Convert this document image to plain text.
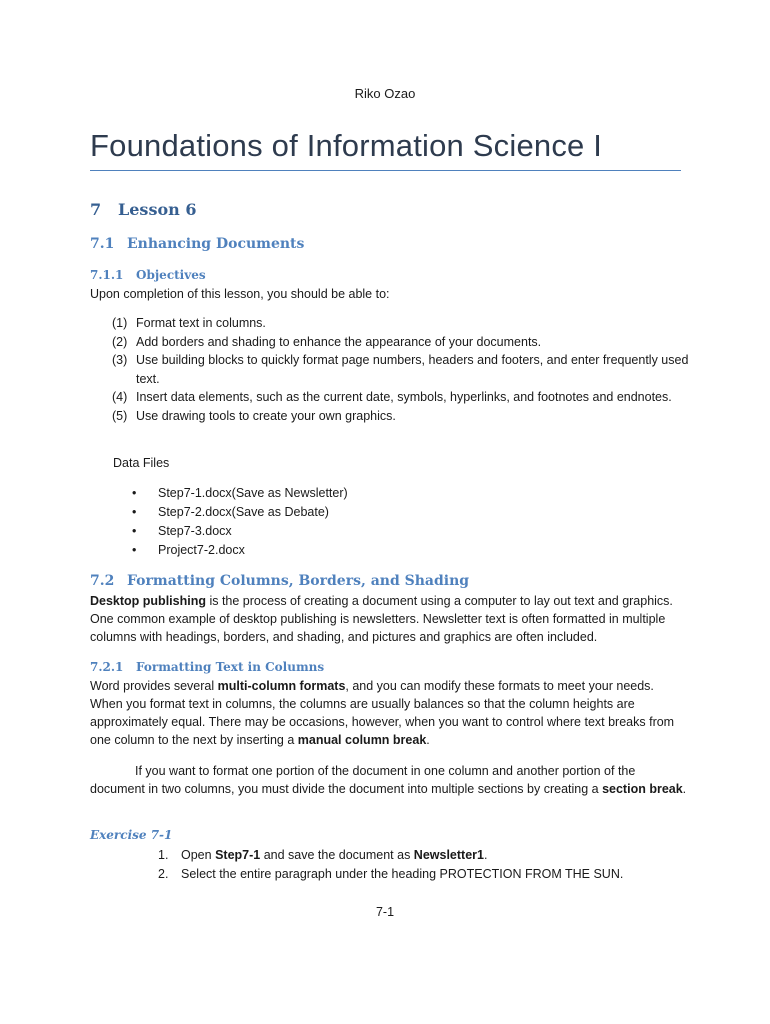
Riko Ozao

Foundations of Information Science I
7 Lesson 6
7.1 Enhancing Documents
7.1.1 Objectives

Upon completion of this lesson, you should be able to:

(1) Format text in columns.
(2) Add borders and shading to enhance the appearance of your documents.
(3) Use building blocks to quickly format page numbers, headers and footers, and enter frequently used text.
(4) Insert data elements, such as the current date, symbols, hyperlinks, and footnotes and endnotes.
(5) Use drawing tools to create your own graphics.

Data Files

•	Step7-1.docx(Save as Newsletter)
•	Step7-2.docx(Save as Debate)
•	Step7-3.docx
•	Project7-2.docx
7.2 Formatting Columns, Borders, and Shading

Desktop publishing is the process of creating a document using a computer to lay out text and graphics. One common example of desktop publishing is newsletters. Newsletter text is often formatted in multiple columns with headings, borders, and shading, and pictures and graphics are often included.

7.2.1 Formatting Text in Columns

Word provides several multi-column formats, and you can modify these formats to meet your needs. When you format text in columns, the columns are usually balances so that the column heights are approximately equal. There may be occasions, however, when you want to control where text breaks from one column to the next by inserting a manual column break.

If you want to format one portion of the document in one column and another portion of the document in two columns, you must divide the document into multiple sections by creating a section break.

Exercise 7-1
1.	Open Step7-1 and save the document as Newsletter1.
2.	Select the entire paragraph under the heading PROTECTION FROM THE SUN.

7-1
